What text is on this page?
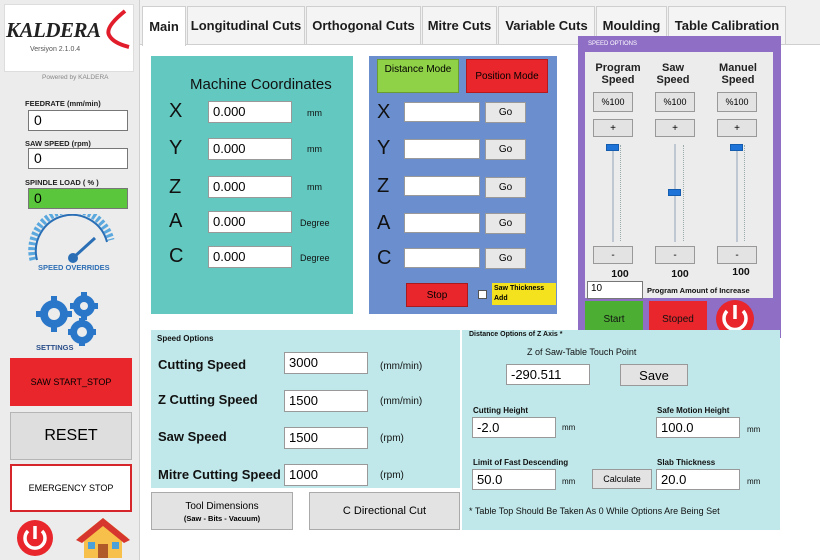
KALDERA
Versiyon 2.1.0.4
Powered by KALDERA
FEEDRATE (mm/min)
0
SAW SPEED (rpm)
0
SPINDLE LOAD ( % )
0
SPEED OVERRIDES
SETTINGS
SAW START_STOP
RESET
EMERGENCY STOP
Main Longitudinal Cuts Orthogonal Cuts Mitre Cuts	Variable Cuts	Moulding	Table Calibration
Machine Coordinates
X	0.000	mm
Y	0.000	mm
Z	0.000	mm
A	0.000	Degree
C	0.000	Degree
Distance Mode
Position Mode
X	Go
Y	Go
Z	Go
A	Go
C	Go
Stop
Saw Thickness Add
SPEED OPTIONS
Program Speed
%100
+
-
100
Saw Speed
%100
+
-
100
Manuel Speed
%100
+
-
100
10	Program Amount of Increase
Start	Stoped
Speed Options
Cutting Speed	3000	(mm/min)
Z Cutting Speed	1500	(mm/min)
Saw Speed	1500	(rpm)
Mitre Cutting Speed 1000	(rpm)
Distance Options of Z Axis *
Z of Saw-Table Touch Point
-290.511	Save
Cutting Height
-2.0	mm
Safe Motion Height
100.0	mm
Limit of Fast Descending
50.0	mm	Calculate
Slab Thickness
20.0	mm
* Table Top Should Be Taken As 0 While Options Are Being Set
Tool Dimensions
(Saw - Bits - Vacuum)
C Directional Cut
